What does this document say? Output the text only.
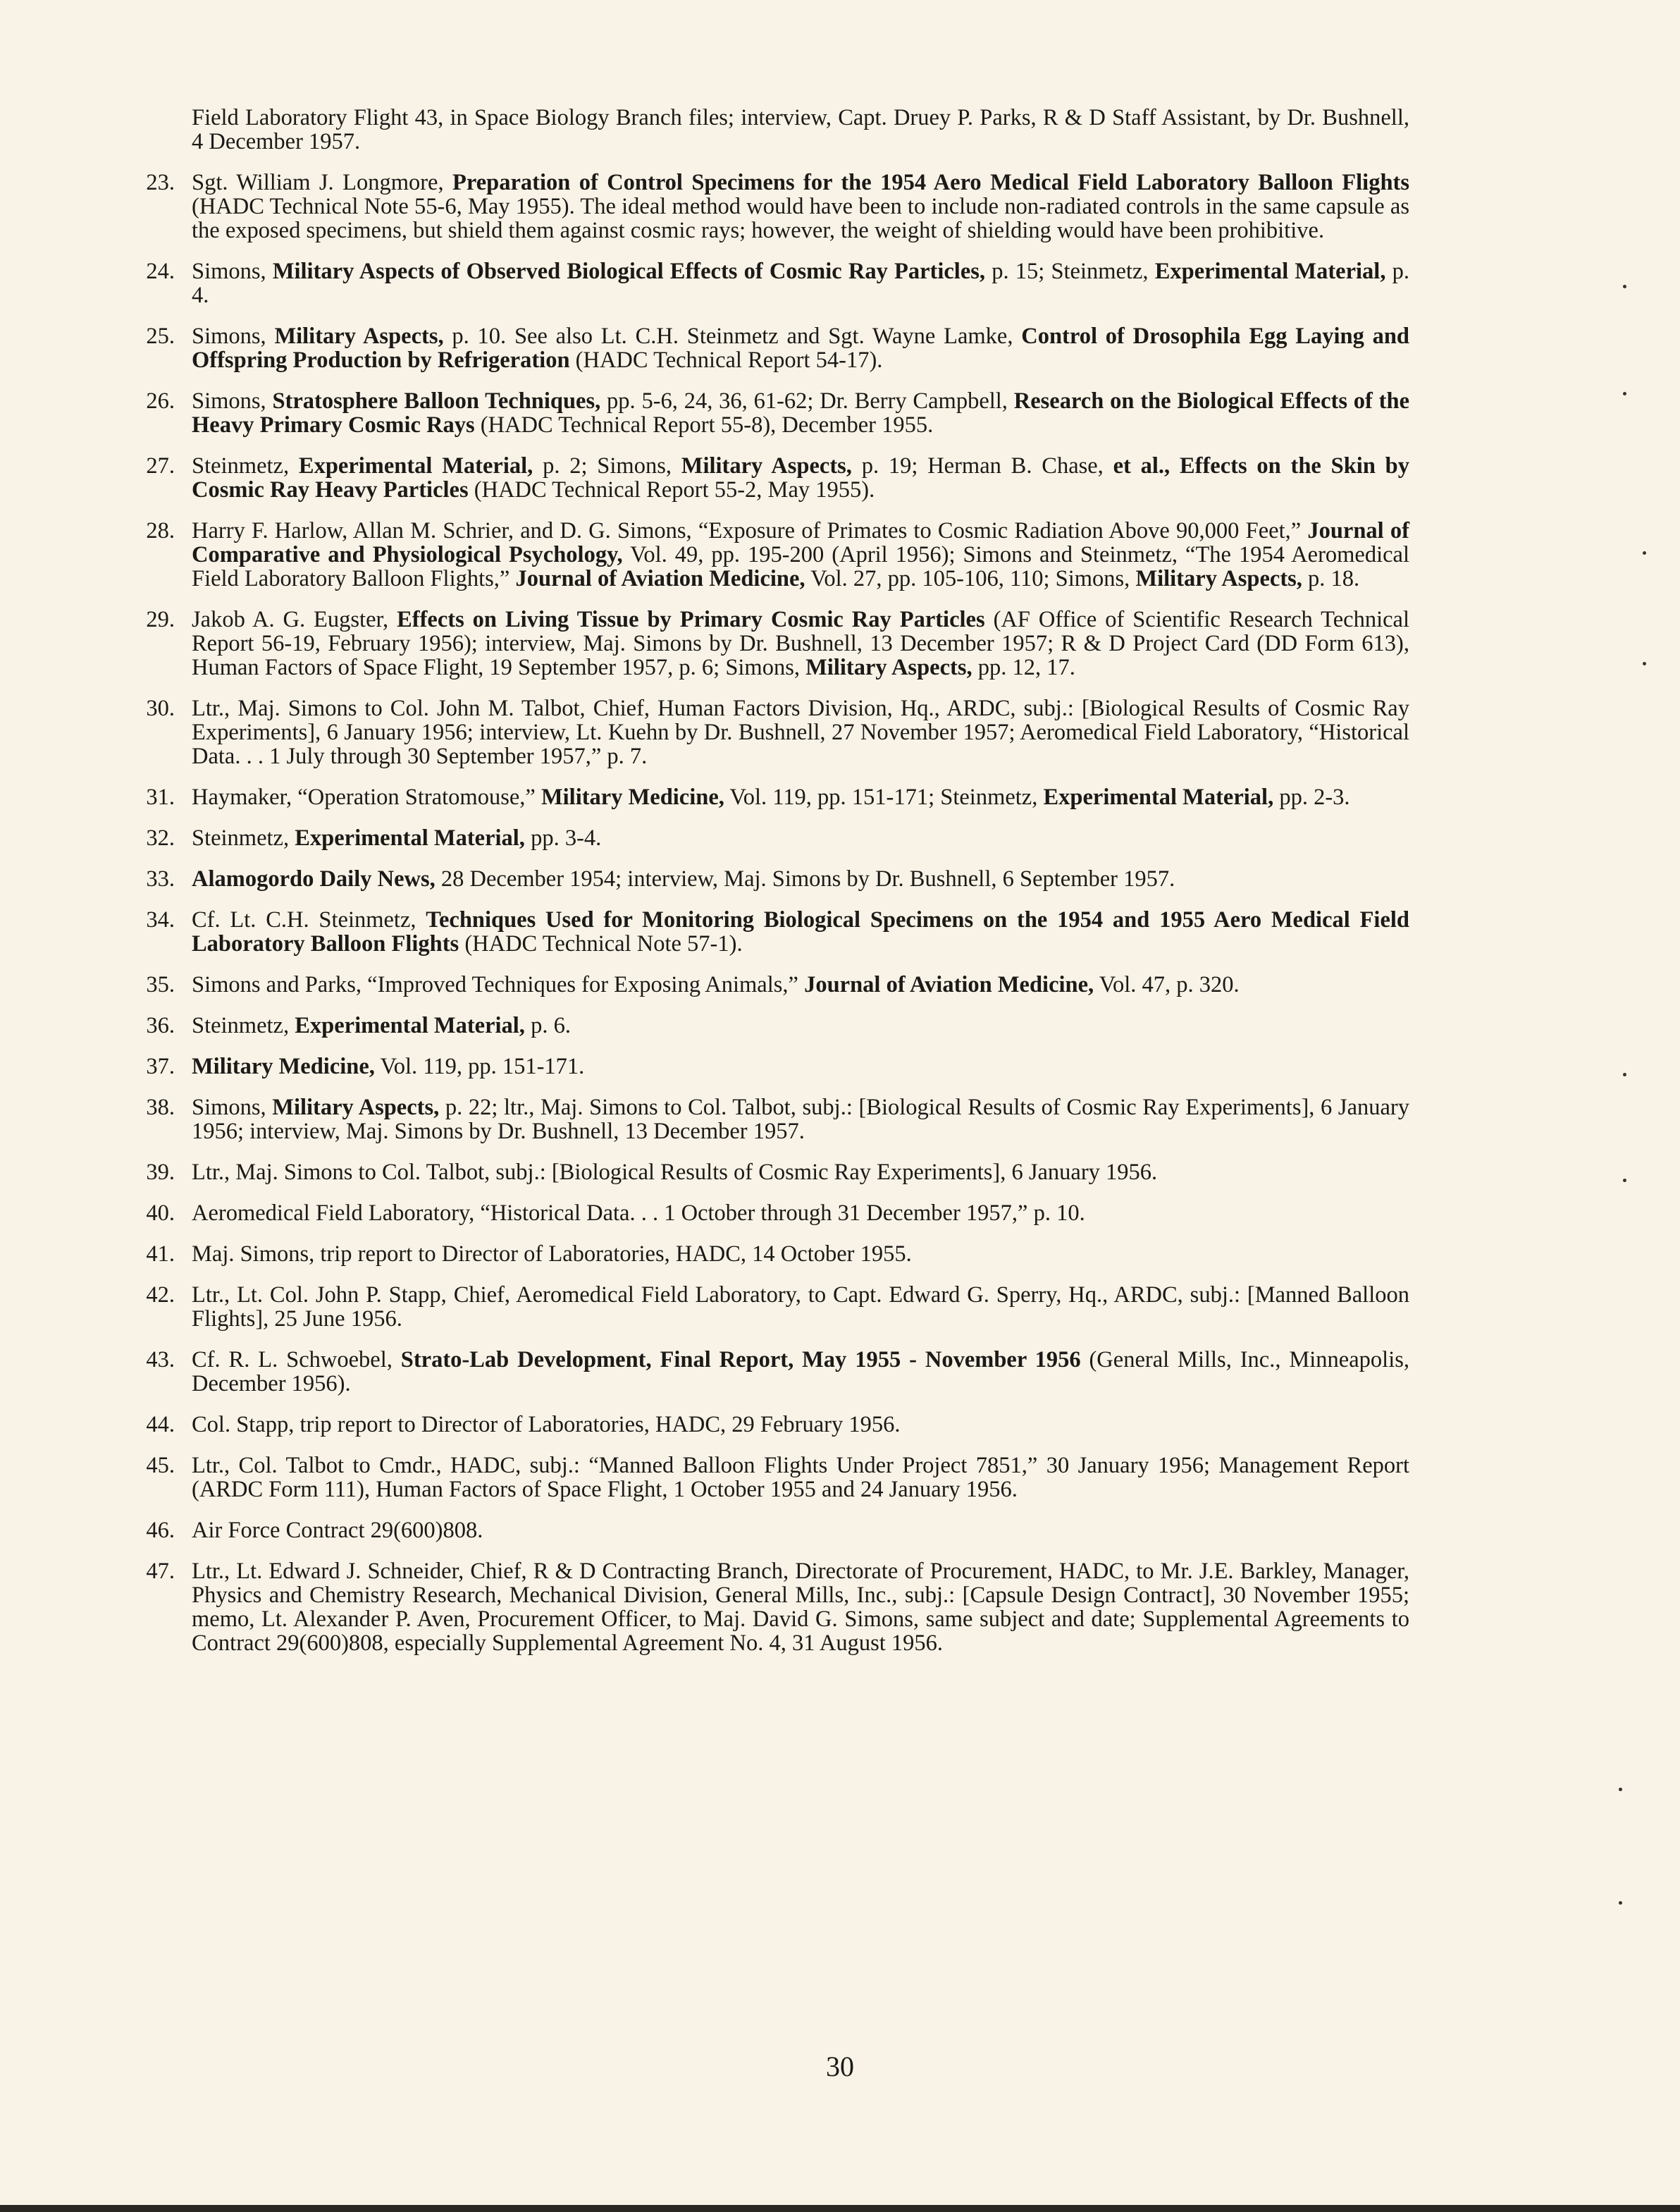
Field Laboratory Flight 43, in Space Biology Branch files; interview, Capt. Druey P. Parks, R & D Staff Assistant, by Dr. Bushnell, 4 December 1957.
23. Sgt. William J. Longmore, Preparation of Control Specimens for the 1954 Aero Medical Field Laboratory Balloon Flights (HADC Technical Note 55-6, May 1955). The ideal method would have been to include non-radiated controls in the same capsule as the exposed specimens, but shield them against cosmic rays; however, the weight of shielding would have been prohibitive.
24. Simons, Military Aspects of Observed Biological Effects of Cosmic Ray Particles, p. 15; Steinmetz, Experimental Material, p. 4.
25. Simons, Military Aspects, p. 10. See also Lt. C.H. Steinmetz and Sgt. Wayne Lamke, Control of Drosophila Egg Laying and Offspring Production by Refrigeration (HADC Technical Report 54-17).
26. Simons, Stratosphere Balloon Techniques, pp. 5-6, 24, 36, 61-62; Dr. Berry Campbell, Research on the Biological Effects of the Heavy Primary Cosmic Rays (HADC Technical Report 55-8), December 1955.
27. Steinmetz, Experimental Material, p. 2; Simons, Military Aspects, p. 19; Herman B. Chase, et al., Effects on the Skin by Cosmic Ray Heavy Particles (HADC Technical Report 55-2, May 1955).
28. Harry F. Harlow, Allan M. Schrier, and D. G. Simons, “Exposure of Primates to Cosmic Radiation Above 90,000 Feet,” Journal of Comparative and Physiological Psychology, Vol. 49, pp. 195-200 (April 1956); Simons and Steinmetz, “The 1954 Aeromedical Field Laboratory Balloon Flights,” Journal of Aviation Medicine, Vol. 27, pp. 105-106, 110; Simons, Military Aspects, p. 18.
29. Jakob A. G. Eugster, Effects on Living Tissue by Primary Cosmic Ray Particles (AF Office of Scientific Research Technical Report 56-19, February 1956); interview, Maj. Simons by Dr. Bushnell, 13 December 1957; R & D Project Card (DD Form 613), Human Factors of Space Flight, 19 September 1957, p. 6; Simons, Military Aspects, pp. 12, 17.
30. Ltr., Maj. Simons to Col. John M. Talbot, Chief, Human Factors Division, Hq., ARDC, subj.: [Biological Results of Cosmic Ray Experiments], 6 January 1956; interview, Lt. Kuehn by Dr. Bushnell, 27 November 1957; Aeromedical Field Laboratory, “Historical Data. . . 1 July through 30 September 1957,” p. 7.
31. Haymaker, “Operation Stratomouse,” Military Medicine, Vol. 119, pp. 151-171; Steinmetz, Experimental Material, pp. 2-3.
32. Steinmetz, Experimental Material, pp. 3-4.
33. Alamogordo Daily News, 28 December 1954; interview, Maj. Simons by Dr. Bushnell, 6 September 1957.
34. Cf. Lt. C.H. Steinmetz, Techniques Used for Monitoring Biological Specimens on the 1954 and 1955 Aero Medical Field Laboratory Balloon Flights (HADC Technical Note 57-1).
35. Simons and Parks, “Improved Techniques for Exposing Animals,” Journal of Aviation Medicine, Vol. 47, p. 320.
36. Steinmetz, Experimental Material, p. 6.
37. Military Medicine, Vol. 119, pp. 151-171.
38. Simons, Military Aspects, p. 22; ltr., Maj. Simons to Col. Talbot, subj.: [Biological Results of Cosmic Ray Experiments], 6 January 1956; interview, Maj. Simons by Dr. Bushnell, 13 December 1957.
39. Ltr., Maj. Simons to Col. Talbot, subj.: [Biological Results of Cosmic Ray Experiments], 6 January 1956.
40. Aeromedical Field Laboratory, “Historical Data. . . 1 October through 31 December 1957,” p. 10.
41. Maj. Simons, trip report to Director of Laboratories, HADC, 14 October 1955.
42. Ltr., Lt. Col. John P. Stapp, Chief, Aeromedical Field Laboratory, to Capt. Edward G. Sperry, Hq., ARDC, subj.: [Manned Balloon Flights], 25 June 1956.
43. Cf. R. L. Schwoebel, Strato-Lab Development, Final Report, May 1955 - November 1956 (General Mills, Inc., Minneapolis, December 1956).
44. Col. Stapp, trip report to Director of Laboratories, HADC, 29 February 1956.
45. Ltr., Col. Talbot to Cmdr., HADC, subj.: “Manned Balloon Flights Under Project 7851,” 30 January 1956; Management Report (ARDC Form 111), Human Factors of Space Flight, 1 October 1955 and 24 January 1956.
46. Air Force Contract 29(600)808.
47. Ltr., Lt. Edward J. Schneider, Chief, R & D Contracting Branch, Directorate of Procurement, HADC, to Mr. J.E. Barkley, Manager, Physics and Chemistry Research, Mechanical Division, General Mills, Inc., subj.: [Capsule Design Contract], 30 November 1955; memo, Lt. Alexander P. Aven, Procurement Officer, to Maj. David G. Simons, same subject and date; Supplemental Agreements to Contract 29(600)808, especially Supplemental Agreement No. 4, 31 August 1956.
30
